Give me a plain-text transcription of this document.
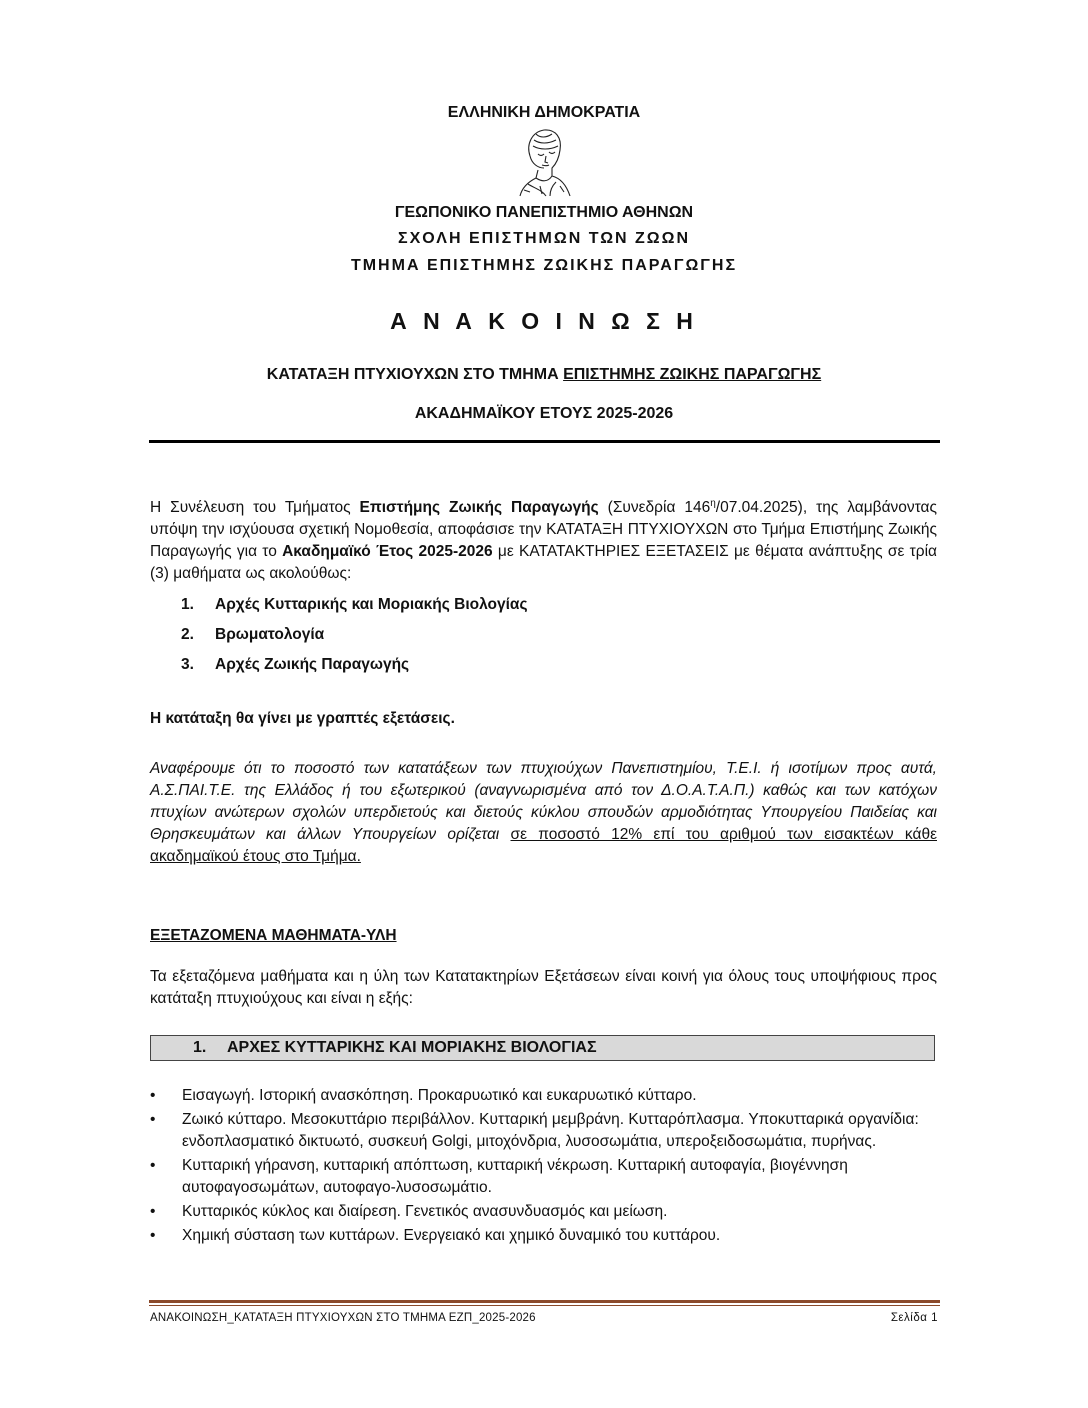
ΕΛΛΗΝΙΚΗ ΔΗΜΟΚΡΑΤΙΑ
ΓΕΩΠΟΝΙΚΟ ΠΑΝΕΠΙΣΤΗΜΙΟ ΑΘΗΝΩΝ
ΣΧΟΛΗ ΕΠΙΣΤΗΜΩΝ ΤΩΝ ΖΩΩΝ
ΤΜΗΜΑ ΕΠΙΣΤΗΜΗΣ ΖΩΙΚΗΣ ΠΑΡΑΓΩΓΗΣ
Α Ν Α Κ Ο Ι Ν Ω Σ Η
ΚΑΤΑΤΑΞΗ ΠΤΥΧΙΟΥΧΩΝ ΣΤΟ ΤΜΗΜΑ ΕΠΙΣΤΗΜΗΣ ΖΩΙΚΗΣ ΠΑΡΑΓΩΓΗΣ
ΑΚΑΔΗΜΑΪΚΟΥ ΕΤΟΥΣ 2025-2026
Η Συνέλευση του Τμήματος Επιστήμης Ζωικής Παραγωγής (Συνεδρία $146^\eta/07.04.2025$), της λαμβάνοντας υπόψη την ισχύουσα σχετική Νομοθεσία, αποφάσισε την ΚΑΤΑΤΑΞΗ ΠΤΥΧΙΟΥΧΩΝ στο Τμήμα Επιστήμης Ζωικής Παραγωγής για το Ακαδημαϊκό Έτος 2025-2026 με ΚΑΤΑΤΑΚΤΗΡΙΕΣ ΕΞΕΤΑΣΕΙΣ με θέματα ανάπτυξης σε τρία (3) μαθήματα ως ακολούθως:
1. Αρχές Κυτταρικής και Μοριακής Βιολογίας
2. Βρωματολογία
3. Αρχές Ζωικής Παραγωγής
Η κατάταξη θα γίνει με γραπτές εξετάσεις.
Αναφέρουμε ότι το ποσοστό των κατατάξεων των πτυχιούχων Πανεπιστημίου, Τ.Ε.Ι. ή ισοτίμων προς αυτά, Α.Σ.ΠΑΙ.Τ.Ε. της Ελλάδος ή του εξωτερικού (αναγνωρισμένα από τον Δ.Ο.Α.Τ.Α.Π.) καθώς και των κατόχων πτυχίων ανώτερων σχολών υπερδιετούς και διετούς κύκλου σπουδών αρμοδιότητας Υπουργείου Παιδείας και Θρησκευμάτων και άλλων Υπουργείων ορίζεται σε ποσοστό 12% επί του αριθμού των εισακτέων κάθε ακαδημαϊκού έτους στο Τμήμα.
ΕΞΕΤΑΖΟΜΕΝΑ ΜΑΘΗΜΑΤΑ-ΥΛΗ
Τα εξεταζόμενα μαθήματα και η ύλη των Κατατακτηρίων Εξετάσεων είναι κοινή για όλους τους υποψήφιους προς κατάταξη πτυχιούχους και είναι η εξής:
1. ΑΡΧΕΣ ΚΥΤΤΑΡΙΚΗΣ ΚΑΙ ΜΟΡΙΑΚΗΣ ΒΙΟΛΟΓΙΑΣ
• Εισαγωγή. Ιστορική ανασκόπηση. Προκαρυωτικό και ευκαρυωτικό κύτταρο.
• Ζωικό κύτταρο. Μεσοκυττάριο περιβάλλον. Κυτταρική μεμβράνη. Κυτταρόπλασμα. Υποκυτταρικά οργανίδια: ενδοπλασματικό δικτυωτό, συσκευή Golgi, μιτοχόνδρια, λυσοσωμάτια, υπεροξειδοσωμάτια, πυρήνας.
• Κυτταρική γήρανση, κυτταρική απόπτωση, κυτταρική νέκρωση. Κυτταρική αυτοφαγία, βιογέννηση αυτοφαγοσωμάτων, αυτοφαγο-λυσοσωμάτιο.
• Κυτταρικός κύκλος και διαίρεση. Γενετικός ανασυνδυασμός και μείωση.
• Χημική σύσταση των κυττάρων. Ενεργειακό και χημικό δυναμικό του κυττάρου.
ΑΝΑΚΟΙΝΩΣΗ_ΚΑΤΑΤΑΞΗ ΠΤΥΧΙΟΥΧΩΝ ΣΤΟ ΤΜΗΜΑ ΕΖΠ_2025-2026	Σελίδα 1
